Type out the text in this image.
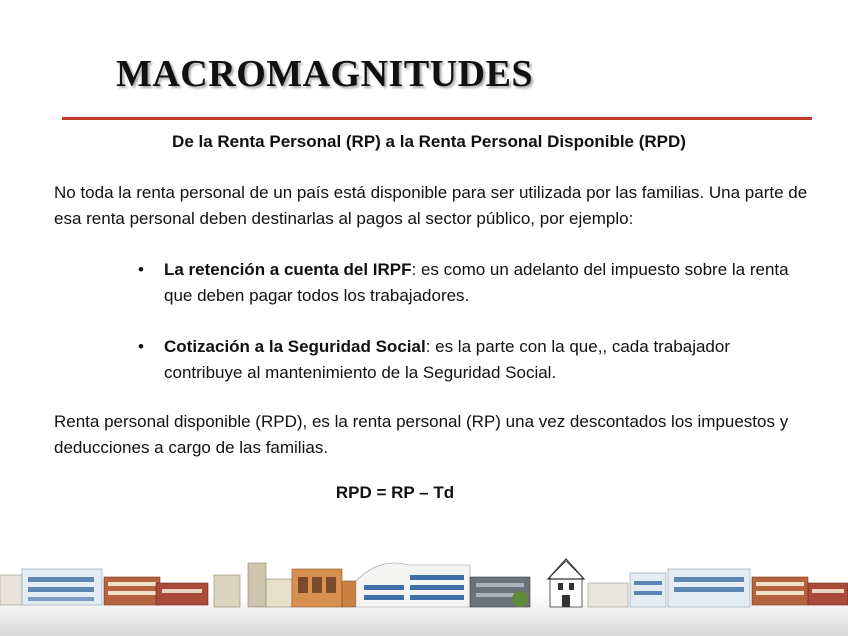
MACROMAGNITUDES
De la Renta Personal (RP) a la Renta Personal Disponible (RPD)

No toda la renta personal de un país está disponible para ser utilizada por las familias. Una parte de esa renta personal deben destinarlas al pagos al sector público, por ejemplo:

•	La retención a cuenta del IRPF: es como un adelanto del impuesto sobre la renta que deben pagar todos los trabajadores.
•	Cotización a la Seguridad Social: es la parte con la que,, cada trabajador contribuye al mantenimiento de la Seguridad Social.

Renta personal disponible (RPD), es la renta personal (RP) una vez descontados los impuestos y deducciones a cargo de las familias.

RPD = RP – Td
